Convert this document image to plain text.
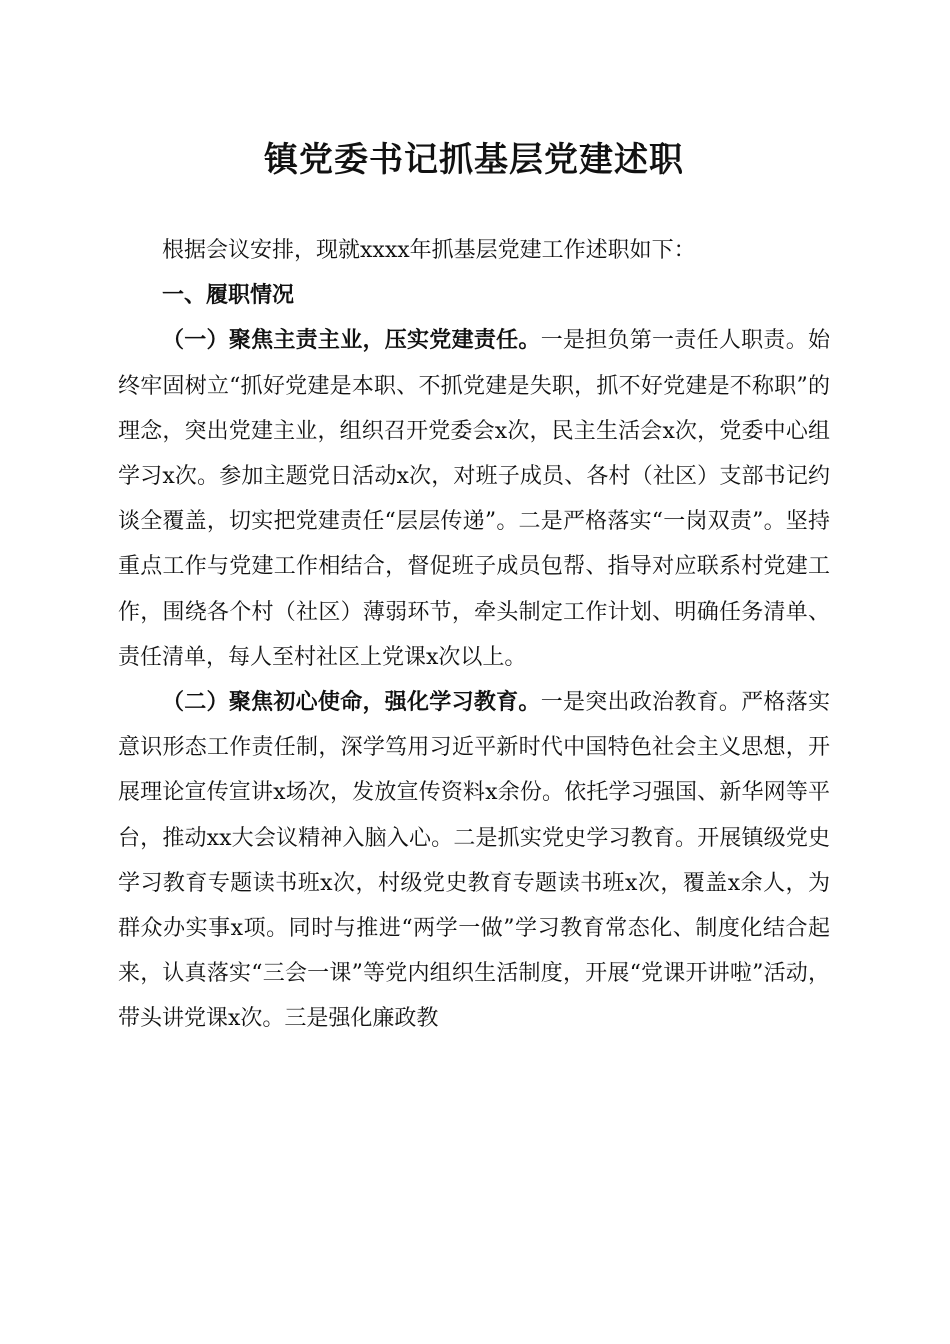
镇党委书记抓基层党建述职

根据会议安排，现就xxxx年抓基层党建工作述职如下：

一、履职情况

（一）聚焦主责主业，压实党建责任。一是担负第一责任人职责。始终牢固树立“抓好党建是本职、不抓党建是失职，抓不好党建是不称职”的理念，突出党建主业，组织召开党委会x次，民主生活会x次，党委中心组学习x次。参加主题党日活动x次，对班子成员、各村（社区）支部书记约谈全覆盖，切实把党建责任“层层传递”。二是严格落实“一岗双责”。坚持重点工作与党建工作相结合，督促班子成员包帮、指导对应联系村党建工作，围绕各个村（社区）薄弱环节，牵头制定工作计划、明确任务清单、责任清单，每人至村社区上党课x次以上。

（二）聚焦初心使命，强化学习教育。一是突出政治教育。严格落实意识形态工作责任制，深学笃用习近平新时代中国特色社会主义思想，开展理论宣传宣讲x场次，发放宣传资料x余份。依托学习强国、新华网等平台，推动xx大会议精神入脑入心。二是抓实党史学习教育。开展镇级党史学习教育专题读书班x次，村级党史教育专题读书班x次，覆盖x余人，为群众办实事x项。同时与推进“两学一做”学习教育常态化、制度化结合起来，认真落实“三会一课”等党内组织生活制度，开展“党课开讲啦”活动，带头讲党课x次。三是强化廉政教
